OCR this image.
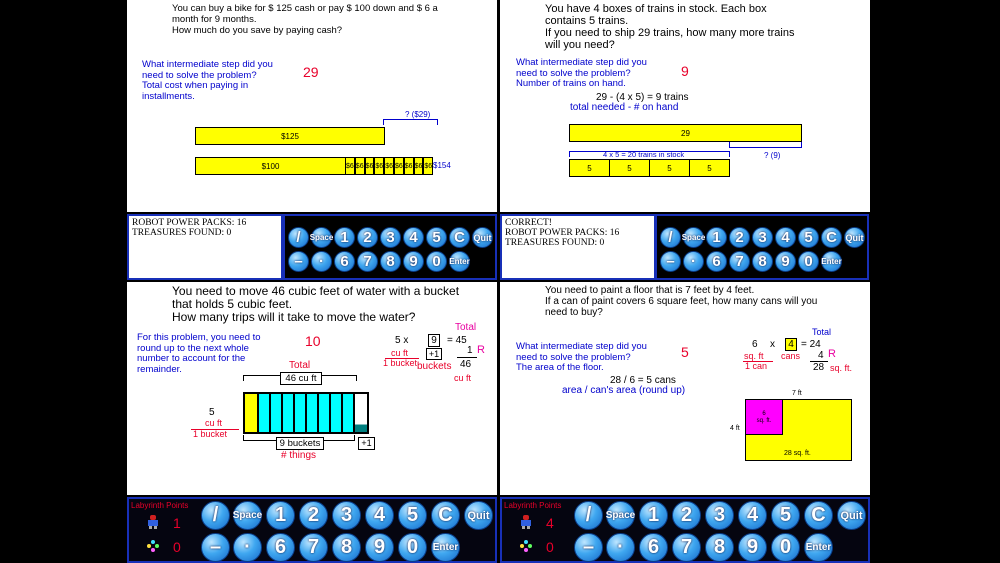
You can buy a bike for $ 125 cash or pay $ 100 down and $ 6 a
month for 9 months.
How much do you save by paying cash?
What intermediate step did you
need to solve the problem?
Total cost when paying in
installments.
29
? ($29)
$125
$100	$6 $6 $6 $6 $6 $6 $6 $6 $6 $154
You have 4 boxes of trains in stock. Each box
contains 5 trains.
If you need to ship 29 trains, how many more trains
will you need?
What intermediate step did you
need to solve the problem?
Number of trains on hand.
9
29 - (4 x 5) = 9 trains
total needed - # on hand
29
4 x 5 = 20 trains in stock	? (9)
5	5	5	5
ROBOT POWER PACKS: 16
TREASURES FOUND: 0	/	Space 1 2 3 4 5 C Quit
–	·	6 7 8 9 0	Enter
CORRECT!
ROBOT POWER PACKS: 16
TREASURES FOUND: 0	/	Space 1 2 3 4 5 C Quit
–	·	6 7 8 9 0	Enter
You need to move 46 cubic feet of water with a bucket
that holds 5 cubic feet.
How many trips will it take to move the water?
For this problem, you need to
round up to the next whole
number to account for the
remainder.
10
Total
5 x	9	= 45
cu ft
1 bucket
+1
buckets
1 R
46
cu ft
Total
46 cu ft
5
cu ft
1 bucket
9 buckets	+1
# things
You need to paint a floor that is 7 feet by 4 feet.
If a can of paint covers 6 square feet, how many cans will you
need to buy?
What intermediate step did you
need to solve the problem?
The area of the floor.
5
Total
6 x	4 = 24
sq. ft
1 can
cans 4 R
28 sq. ft.
28 / 6 = 5 cans
area / can's area (round up)	7 ft
4 ft
6
sq. ft.
28 sq. ft.
Labyrinth Points
1
0
/	Space 1	2	3	4	5	C	Quit
–	·	6	7	8	9	0	Enter
Labyrinth Points
4
0
/	Space 1	2	3	4	5	C	Quit
–	·	6	7	8	9	0	Enter
